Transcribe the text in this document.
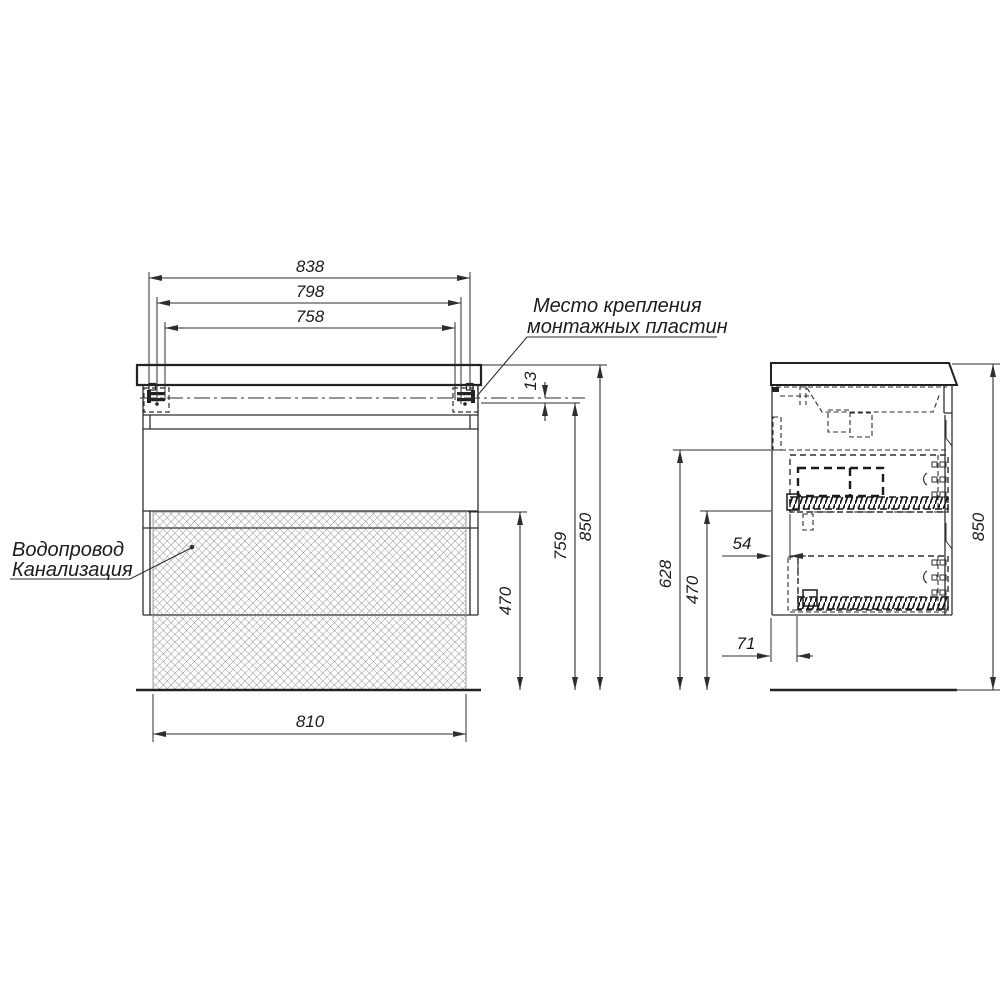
838
798
758
810
13
470
759
850
628
470
54
71
850
Место крепления
монтажных пластин
Водопровод
Канализация
